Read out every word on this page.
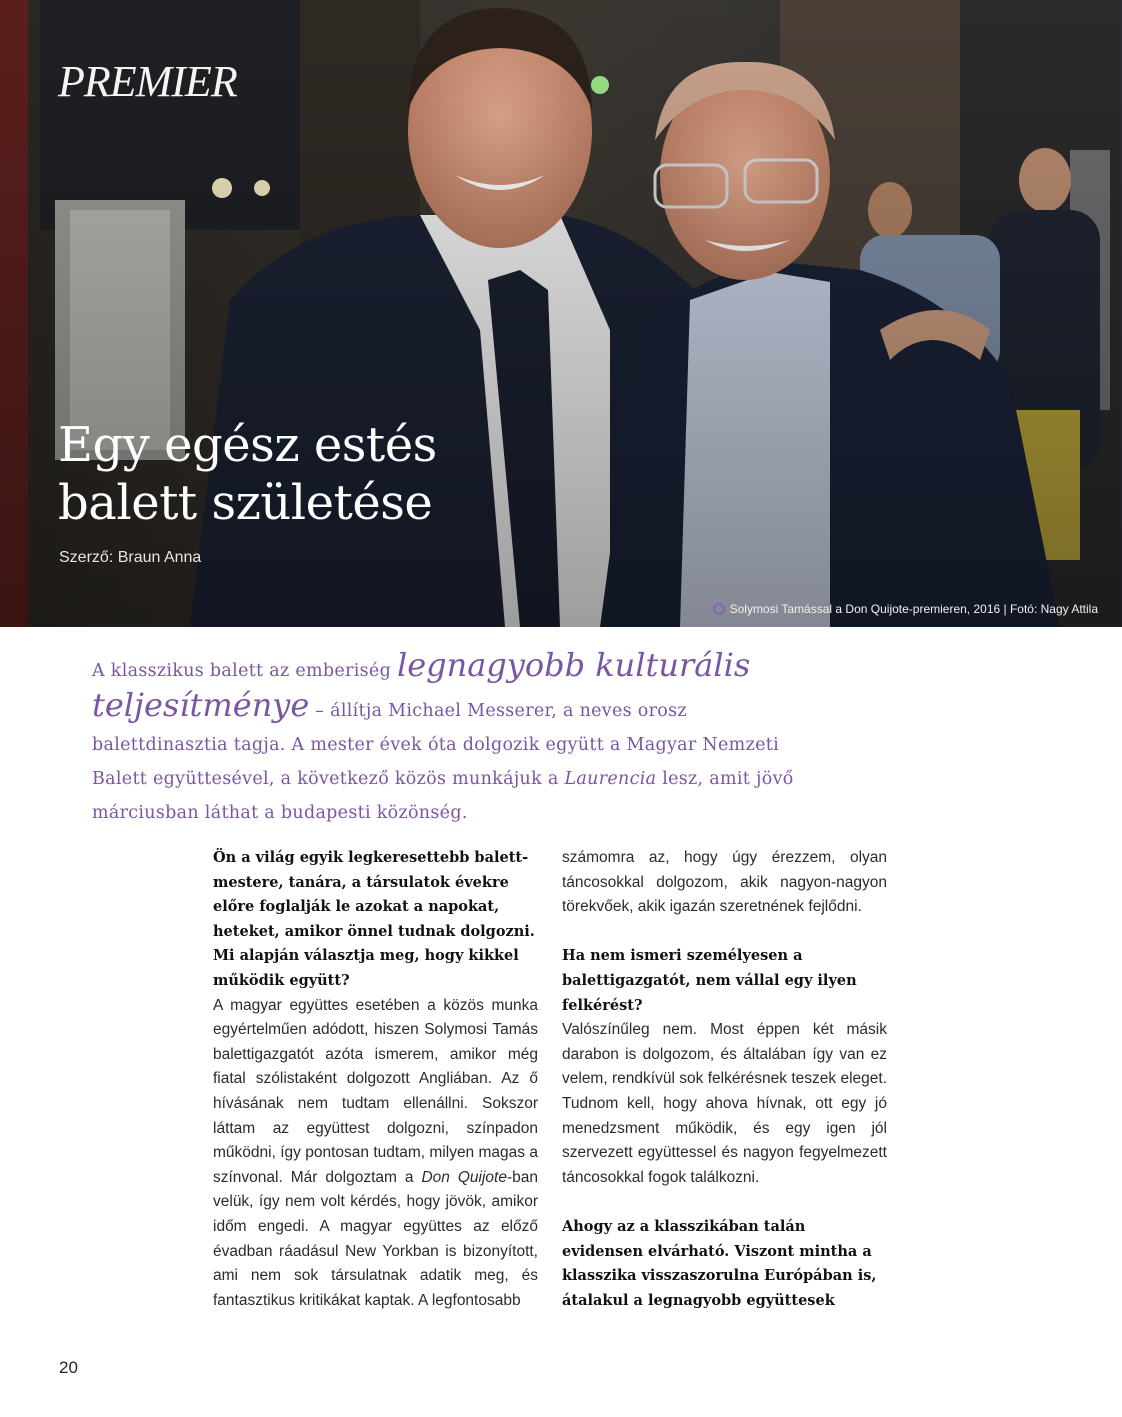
PREMIER
Egy egész estés
balett születése
Szerző: Braun Anna
Solymosi Tamással a Don Quijote-premieren, 2016 | Fotó: Nagy Attila

A klasszikus balett az emberiség legnagyobb kulturális teljesítménye – állítja Michael Messerer, a neves orosz balettdinasztia tagja. A mester évek óta dolgozik együtt a Magyar Nemzeti Balett együttesével, a következő közös munkájuk a Laurencia lesz, amit jövő márciusban láthat a budapesti közönség.

Ön a világ egyik legkeresettebb balett-mestere, tanára, a társulatok évekre előre foglalják le azokat a napokat, heteket, amikor önnel tudnak dolgozni. Mi alapján választja meg, hogy kikkel működik együtt?

A magyar együttes esetében a közös munka egyértelműen adódott, hiszen Solymosi Tamás balettigazgatót azóta ismerem, amikor még fiatal szólistaként dolgozott Angliában. Az ő hívásának nem tudtam ellenállni. Sokszor láttam az együttest dolgozni, színpadon működni, így pontosan tudtam, milyen magas a színvonal. Már dolgoztam a Don Quijote-ban velük, így nem volt kérdés, hogy jövök, amikor időm engedi. A magyar együttes az előző évadban ráadásul New Yorkban is bizonyított, ami nem sok társulatnak adatik meg, és fantasztikus kritikákat kaptak. A legfontosabb

számomra az, hogy úgy érezzem, olyan táncosokkal dolgozom, akik nagyon-nagyon törekvőek, akik igazán szeretnének fejlődni.

Ha nem ismeri személyesen a balettigazgatót, nem vállal egy ilyen felkérést?

Valószínűleg nem. Most éppen két másik darabon is dolgozom, és általában így van ez velem, rendkívül sok felkérésnek teszek eleget. Tudnom kell, hogy ahova hívnak, ott egy jó menedzsment működik, és egy igen jól szervezett együttessel és nagyon fegyelmezett táncosokkal fogok találkozni.

Ahogy az a klasszikában talán evidensen elvárható. Viszont mintha a klasszika visszaszorulna Európában is, átalakul a legnagyobb együttesek

20
